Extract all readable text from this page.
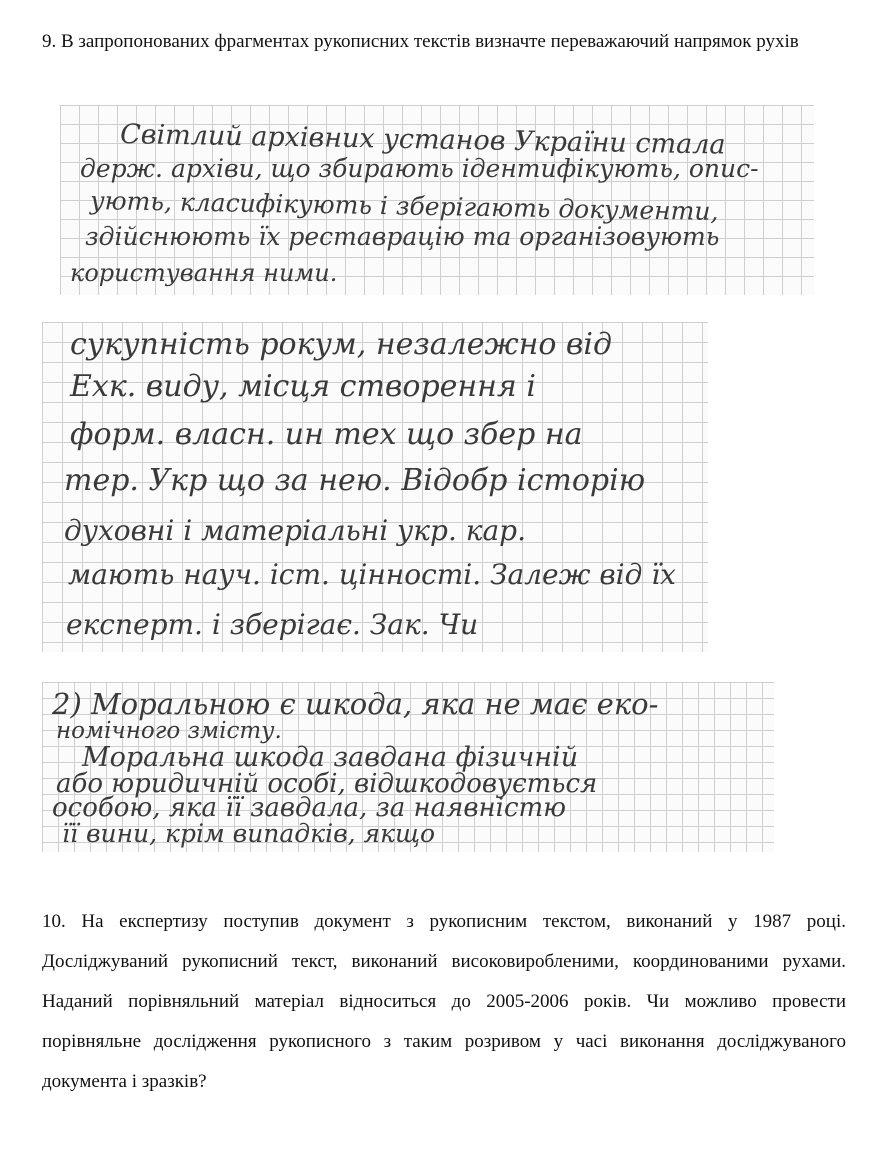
9. В запропонованих фрагментах рукописних текстів визначте переважаючий напрямок рухів
Світлий архівних установ України стала
держ. архіви, що збирають ідентифікують, опис-
ують, класифікують і зберігають документи,
здійснюють їх реставрацію та організовують
користування ними.
сукупність рокум, незалежно від
Ехк. виду, місця створення і
форм. власн. ин тех що збер на
тер. Укр що за нею. Відобр історію
духовні і матеріальні укр. кар.
мають науч. іст. цінності. Залеж від їх
експерт. і зберігає. Зак. Чи
2) Моральною є шкода, яка не має еко-
номічного змісту.
Моральна шкода завдана фізичній
або юридичній особі, відшкодовується
особою, яка її завдала, за наявністю
її вини, крім випадків, якщо

10. На експертизу поступив документ з рукописним текстом, виконаний у 1987 році. Досліджуваний рукописний текст, виконаний високовиробленими, координованими рухами. Наданий порівняльний матеріал відноситься до 2005-2006 років. Чи можливо провести порівняльне дослідження рукописного з таким розривом у часі виконання досліджуваного документа і зразків?
